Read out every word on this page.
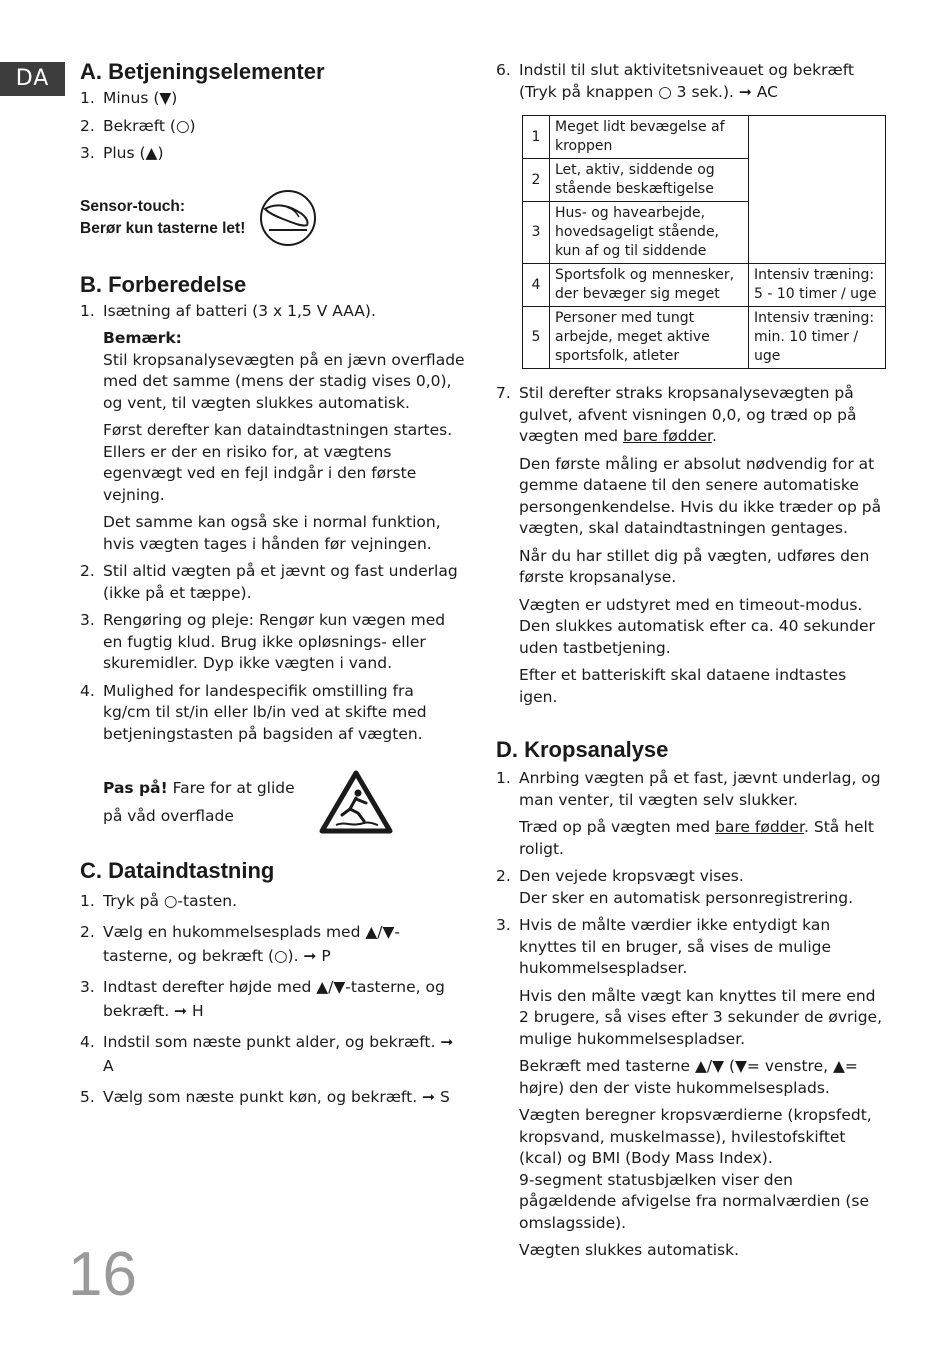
DA	A. Betjeningselementer
1. Minus (▼)
2. Bekræft (○)
3. Plus (▲)
Sensor-touch:
Berør kun tasterne let!
B. Forberedelse
1. Isætning af batteri (3 x 1,5 V AAA).

Bemærk:

Stil kropsanalysevægten på en jævn overflade med det samme (mens der stadig vises 0,0), og vent, til vægten slukkes automatisk.

Først derefter kan dataindtastningen startes. Ellers er der en risiko for, at vægtens egenvægt ved en fejl indgår i den første vejning.

Det samme kan også ske i normal funktion, hvis vægten tages i hånden før vejningen.

2. Stil altid vægten på et jævnt og fast underlag (ikke på et tæppe).
3. Rengøring og pleje: Rengør kun vægen med en fugtig klud. Brug ikke opløsnings- eller skuremidler. Dyp ikke vægten i vand.
4. Mulighed for landespecifik omstilling fra kg/cm til st/in eller lb/in ved at skifte med betjeningstasten på bagsiden af vægten.
Pas på! Fare for at glide
på våd overflade
C. Dataindtastning
1. Tryk på ○-tasten.
2. Vælg en hukommelsesplads med ▲/▼-tasterne, og bekræft (○). ➞ P
3. Indtast derefter højde med ▲/▼-tasterne, og bekræft. ➞ H
4. Indstil som næste punkt alder, og bekræft. ➞ A
5. Vælg som næste punkt køn, og bekræft. ➞ S
6. Indstil til slut aktivitetsniveauet og bekræft (Tryk på knappen ○ 3 sek.). ➞ AC
1	Meget lidt bevægelse af kroppen	
2	Let, aktiv, siddende og stående beskæftigelse	
3	Hus- og havearbejde, hovedsageligt stående, kun af og til siddende	
4	Sportsfolk og mennesker, der bevæger sig meget	Intensiv træning: 5 - 10 timer / uge
5	Personer med tungt arbejde, meget aktive sportsfolk, atleter	Intensiv træning: min. 10 timer / uge
7. Stil derefter straks kropsanalysevægten på gulvet, afvent visningen 0,0, og træd op på vægten med bare fødder.

Den første måling er absolut nødvendig for at gemme dataene til den senere automatiske persongenkendelse. Hvis du ikke træder op på vægten, skal dataindtastningen gentages.

Når du har stillet dig på vægten, udføres den første kropsanalyse.

Vægten er udstyret med en timeout-modus. Den slukkes automatisk efter ca. 40 sekunder uden tastbetjening.

Efter et batteriskift skal dataene indtastes igen.

D. Kropsanalyse
1. Anrbing vægten på et fast, jævnt underlag, og man venter, til vægten selv slukker.

Træd op på vægten med bare fødder. Stå helt roligt.

2. Den vejede kropsvægt vises.

Der sker en automatisk personregistrering.

3. Hvis de målte værdier ikke entydigt kan knyttes til en bruger, så vises de mulige hukommelsespladser.

Hvis den målte vægt kan knyttes til mere end 2 brugere, så vises efter 3 sekunder de øvrige, mulige hukommelsespladser.

Bekræft med tasterne ▲/▼ (▼= venstre, ▲= højre) den der viste hukommelsesplads.

Vægten beregner kropsværdierne (kropsfedt, kropsvand, muskelmasse), hvilestofskiftet (kcal) og BMI (Body Mass Index).

9-segment statusbjælken viser den pågældende afvigelse fra normalværdien (se omslagsside).

Vægten slukkes automatisk.

16
